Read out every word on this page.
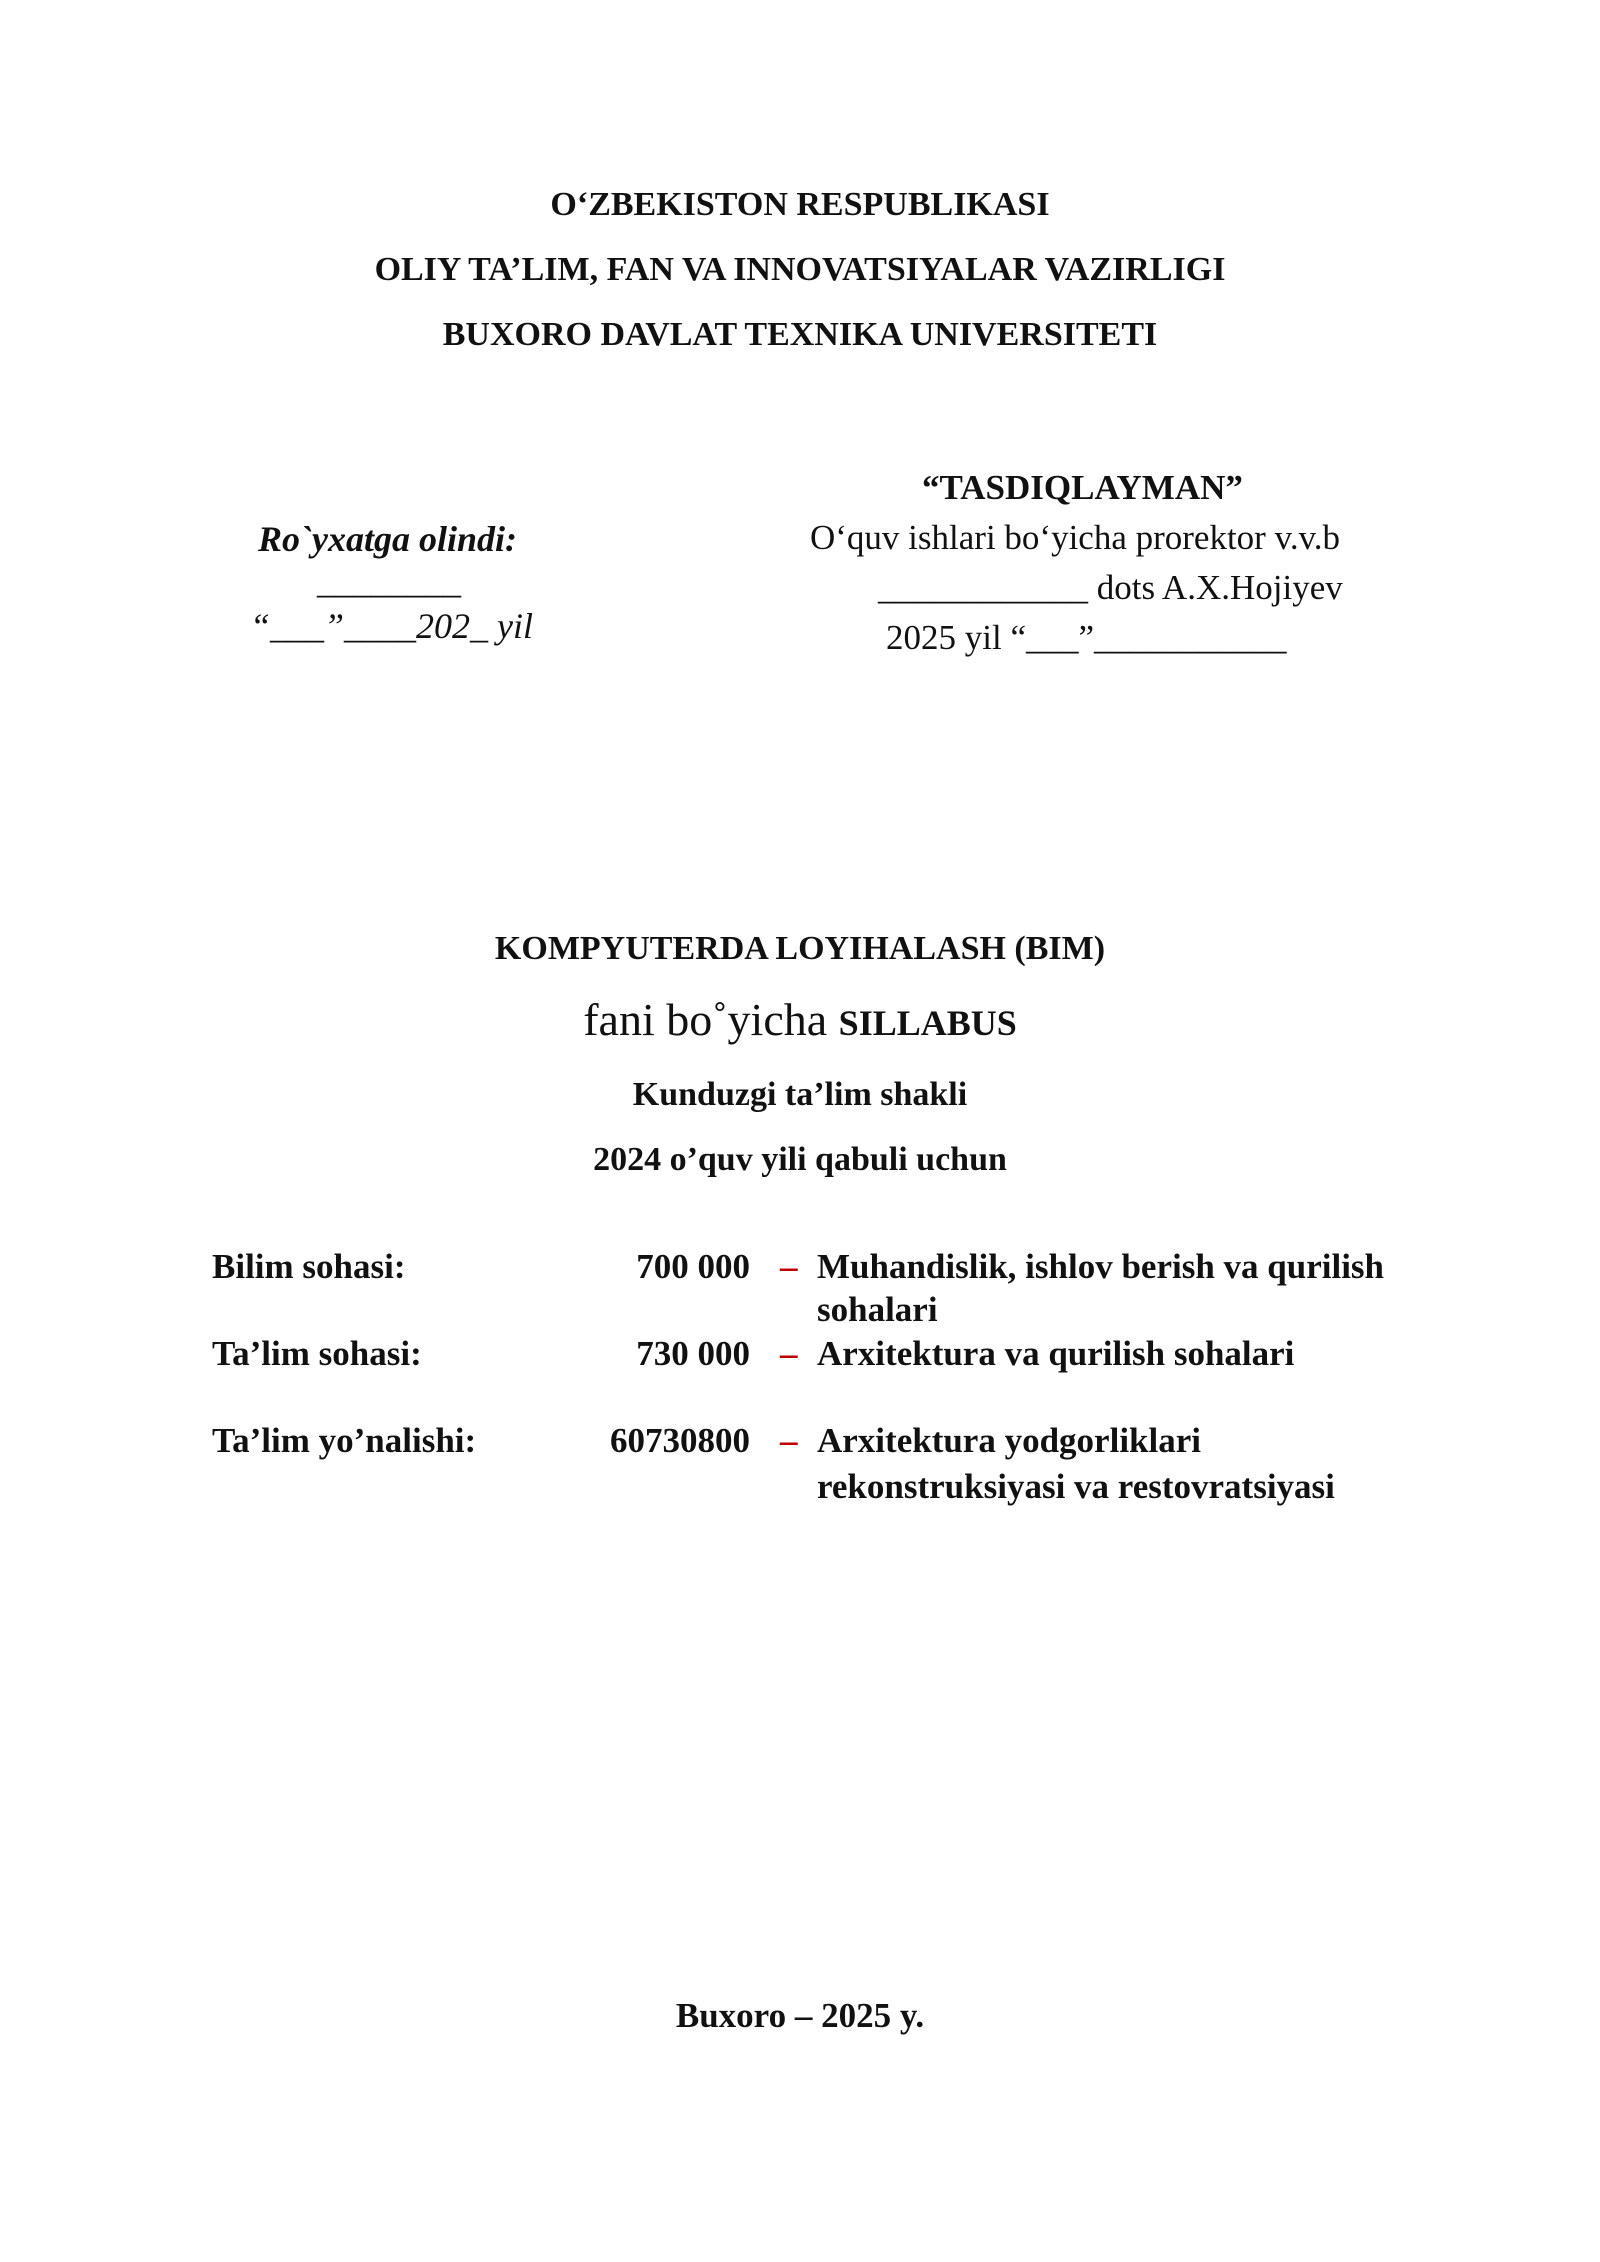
O‘ZBEKISTON RESPUBLIKASI
OLIY TA’LIM, FAN VA INNOVATSIYALAR VAZIRLIGI
BUXORO DAVLAT TEXNIKA UNIVERSITETI
Ro`yxatga olindi:
________
“___”____202_ yil
“TASDIQLAYMAN”
O‘quv ishlari bo‘yicha prorektor v.v.b
____________ dots A.X.Hojiyev
2025 yil “___”___________
KOMPYUTERDA LOYIHALASH (BIM)
fani bo˚yicha SILLABUS
Kunduzgi ta’lim shakli
2024 o’quv yili qabuli uchun
Bilim sohasi:	700 000 – Muhandislik, ishlov berish va qurilish
sohalari
Ta’lim sohasi:	730 000 – Arxitektura va qurilish sohalari
Ta’lim yo’nalishi:	60730800 – Arxitektura yodgorliklari
rekonstruksiyasi va restovratsiyasi
Buxoro – 2025 y.
